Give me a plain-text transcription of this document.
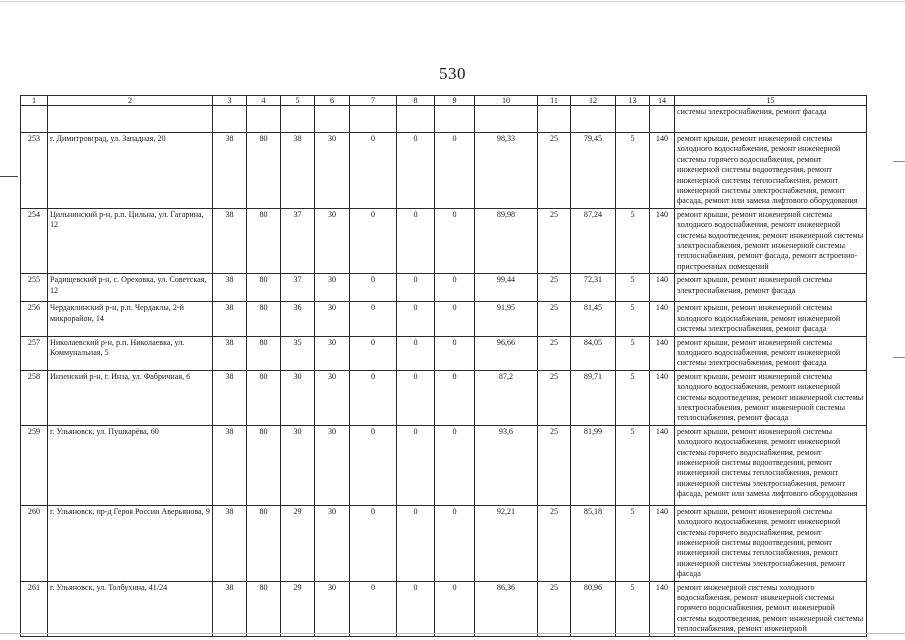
530
1	2	3	4	5	6	7	8	9	10	11	12	13	14	15
														системы электроснабжения, ремонт фасада
253	г. Димитровград, ул. Западная, 20	38	80	38	30	0	0	0	98,33	25	79,45	5	140	ремонт крыши, ремонт инженерной системы холодного водоснабжения, ремонт инженерной системы горячего водоснабжения, ремонт инженерной системы водоотведения, ремонт инженерной системы теплоснабжения, ремонт инженерной системы электроснабжения, ремонт фасада, ремонт или замена лифтового оборудования
254	Цильнинский р-н, р.п. Цильна, ул. Гагарина, 12	38	80	37	30	0	0	0	89,98	25	87,24	5	140	ремонт крыши, ремонт инженерной системы холодного водоснабжения, ремонт инженерной системы водоотведения, ремонт инженерной системы электроснабжения, ремонт инженерной системы теплоснабжения, ремонт фасада, ремонт встроенно-пристроенных помещений
255	Радищевский р-н, с. Ореховка, ул. Советская, 12	38	80	37	30	0	0	0	99,44	25	72,31	5	140	ремонт крыши, ремонт инженерной системы электроснабжения, ремонт фасада
256	Чердаклинский р-н, р.п. Чердаклы, 2-й микрорайон, 14	38	80	36	30	0	0	0	91,95	25	81,45	5	140	ремонт крыши, ремонт инженерной системы холодного водоснабжения, ремонт инженерной системы электроснабжения, ремонт фасада
257	Николаевский р-н, р.п. Николаевка, ул. Коммунальная, 5	38	80	35	30	0	0	0	96,66	25	84,05	5	140	ремонт крыши, ремонт инженерной системы холодного водоснабжения, ремонт инженерной системы электроснабжения, ремонт фасада
258	Инзенский р-н, г. Инза, ул. Фабричная, 6	38	80	30	30	0	0	0	87,2	25	89,71	5	140	ремонт крыши, ремонт инженерной системы холодного водоснабжения, ремонт инженерной системы водоотведения, ремонт инженерной системы электроснабжения, ремонт инженерной системы теплоснабжения, ремонт фасада
259	г. Ульяновск, ул. Пушкарёва, 60	38	80	30	30	0	0	0	93,6	25	81,99	5	140	ремонт крыши, ремонт инженерной системы холодного водоснабжения, ремонт инженерной системы горячего водоснабжения, ремонт инженерной системы водоотведения, ремонт инженерной системы теплоснабжения, ремонт инженерной системы электроснабжения, ремонт фасада, ремонт или замена лифтового оборудования
260	г. Ульяновск, пр-д Героя России Аверьянова, 9	38	80	29	30	0	0	0	92,21	25	85,18	5	140	ремонт крыши, ремонт инженерной системы холодного водоснабжения, ремонт инженерной системы горячего водоснабжения, ремонт инженерной системы водоотведения, ремонт инженерной системы теплоснабжения, ремонт инженерной системы электроснабжения, ремонт фасада
261	г. Ульяновск, ул. Толбухина, 41/24	38	80	29	30	0	0	0	86,36	25	80,96	5	140	ремонт инженерной системы холодного водоснабжения, ремонт инженерной системы горячего водоснабжения, ремонт инженерной системы водоотведения, ремонт инженерной системы теплоснабжения, ремонт инженерной
